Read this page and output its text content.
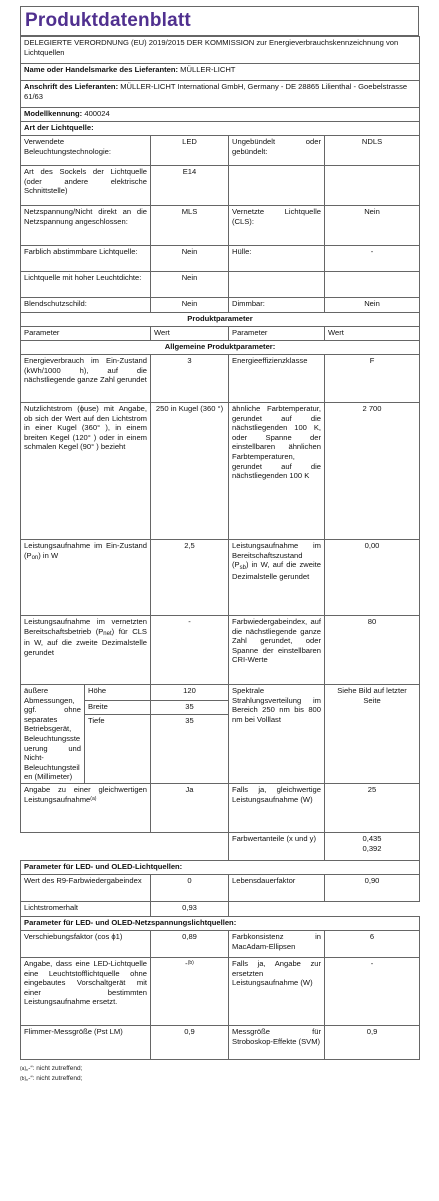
Produktdatenblatt
DELEGIERTE VERORDNUNG (EU) 2019/2015 DER KOMMISSION zur Energieverbrauchskennzeichnung von Lichtquellen				
Name oder Handelsmarke des Lieferanten: MÜLLER-LICHT				
Anschrift des Lieferanten: MÜLLER-LICHT International GmbH, Germany - DE 28865 Lilienthal - Goebelstrasse 61/63				
Modellkennung: 400024				
Art der Lichtquelle:				
Verwendete Beleuchtungstechnologie:		LED	Ungebündelt oder gebündelt:	NDLS
Art des Sockels der Lichtquelle (oder andere elektrische Schnittstelle)		E14		
Netzspannung/Nicht direkt an die Netzspannung angeschlossen:		MLS	Vernetzte Lichtquelle (CLS):	Nein
Farblich abstimmbare Lichtquelle:		Nein	Hülle:	-
Lichtquelle mit hoher Leuchtdichte:		Nein		
Blendschutzschild:		Nein	Dimmbar:	Nein
Produktparameter				
Parameter		Wert	Parameter	Wert
Allgemeine Produktparameter:				
Energieverbrauch im Ein-Zustand (kWh/1000 h), auf die nächstliegende ganze Zahl gerundet		3	Energieeffizienzklasse	F
Nutzlichtstrom (ϕuse) mit Angabe, ob sich der Wert auf den Lichtstrom in einer Kugel (360° ), in einem breiten Kegel (120° ) oder in einem schmalen Kegel (90° ) bezieht		250 in Kugel (360 °)	ähnliche Farbtemperatur, gerundet auf die nächstliegenden 100 K, oder Spanne der einstellbaren ähnlichen Farbtemperaturen, gerundet auf die nächstliegenden 100 K	2 700
Leistungsaufnahme im Ein-Zustand (Pon) in W		2,5	Leistungsaufnahme im Bereitschaftszustand (Psb) in W, auf die zweite Dezimalstelle gerundet	0,00
Leistungsaufnahme im vernetzten Bereitschaftsbetrieb (Pnet) für CLS in W, auf die zweite Dezimalstelle gerundet		-	Farbwiedergabeindex, auf die nächstliegende ganze Zahl gerundet, oder Spanne der einstellbaren CRI-Werte	80
äußere Abmessungen, ggf. ohne separates Betriebsgerät, Beleuchtungssteuerung und Nicht-Beleuchtungsteilen (Millimeter)	Höhe	120	Spektrale Strahlungsverteilung im Bereich 250 nm bis 800 nm bei Volllast	Siehe Bild auf letzter Seite
	Breite	35		
	Tiefe	35		
Angabe zu einer gleichwertigen Leistungsaufnahme$^{(a)}$		Ja	Falls ja, gleichwertige Leistungsaufnahme (W)	25
			Farbwertanteile (x und y)	0,435
0,392

Parameter für LED- und OLED-Lichtquellen:				
Wert des R9-Farbwiedergabeindex		0	Lebensdauerfaktor	0,90
Lichtstromerhalt		0,93		
Parameter für LED- und OLED-Netzspannungslichtquellen:				
Verschiebungsfaktor (cos ϕ1)		0,89	Farbkonsistenz in MacAdam-Ellipsen	6
Angabe, dass eine LED-Lichtquelle eine Leuchtstofflichtquelle ohne eingebautes Vorschaltgerät mit einer bestimmten Leistungsaufnahme ersetzt.		-$^{(b)}$	Falls ja, Angabe zur ersetzten Leistungsaufnahme (W)	-
Flimmer-Messgröße (Pst LM)		0,9	Messgröße für Stroboskop-Effekte (SVM)	0,9
$^{(a)}$„-“: nicht zutreffend;
$^{(b)}$„-“: nicht zutreffend;
